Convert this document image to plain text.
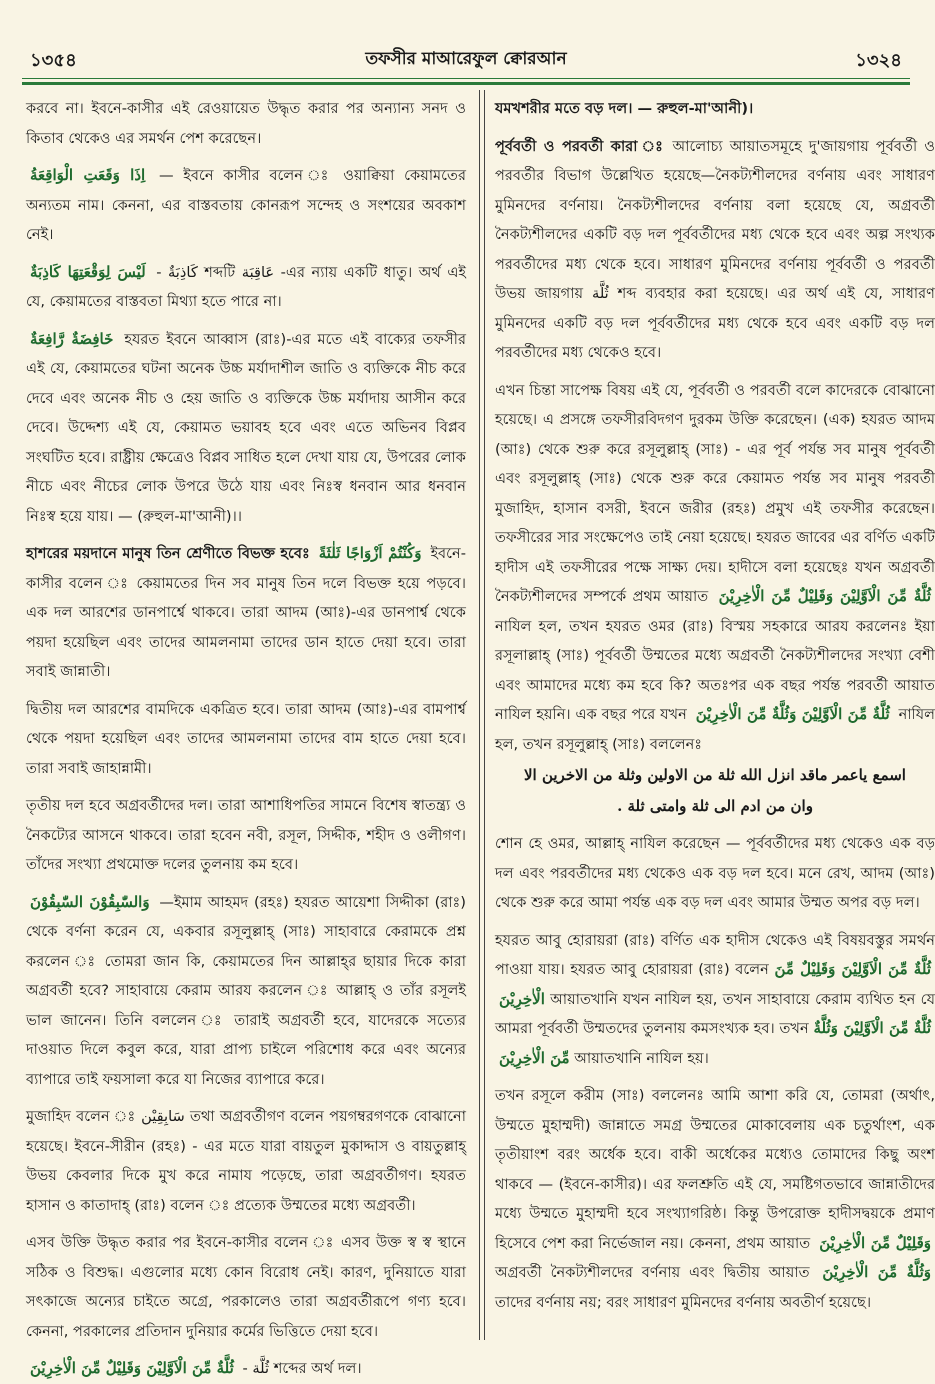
১৩৫৪	তফসীর মাআরেফুল ক্বোরআন	১৩২৪

করবে না। ইবনে-কাসীর এই রেওয়ায়েত উদ্ধৃত করার পর অন্যান্য সনদ ও কিতাব থেকেও এর সমর্থন পেশ করেছেন।

اِذَا وَقَعَتِ الْوَاقِعَةُ — ইবনে কাসীর বলেন ঃ ওয়াক্বিয়া কেয়ামতের অন্যতম নাম। কেননা, এর বাস্তবতায় কোনরূপ সন্দেহ ও সংশয়ের অবকাশ নেই।

لَيْسَ لِوَقْعَتِهَا كَاذِبَةٌ - كَاذِبَةٌ শব্দটি عَاقِبَة -এর ন্যায় একটি ধাতু। অর্থ এই যে, কেয়ামতের বাস্তবতা মিথ্যা হতে পারে না।

خَافِضَةٌ رَّافِعَةٌ হযরত ইবনে আব্বাস (রাঃ)-এর মতে এই বাক্যের তফসীর এই যে, কেয়ামতের ঘটনা অনেক উচ্চ মর্যাদাশীল জাতি ও ব্যক্তিকে নীচ করে দেবে এবং অনেক নীচ ও হেয় জাতি ও ব্যক্তিকে উচ্চ মর্যাদায় আসীন করে দেবে। উদ্দেশ্য এই যে, কেয়ামত ভয়াবহ হবে এবং এতে অভিনব বিপ্লব সংঘটিত হবে। রাষ্ট্রীয় ক্ষেত্রেও বিপ্লব সাধিত হলে দেখা যায় যে, উপরের লোক নীচে এবং নীচের লোক উপরে উঠে যায় এবং নিঃস্ব ধনবান আর ধনবান নিঃস্ব হয়ে যায়। — (রুহুল-মা'আনী)।।

হাশরের ময়দানে মানুষ তিন শ্রেণীতে বিভক্ত হবেঃ وَكُنْتُمْ اَزْوَاجًا ثَلٰثَةً ইবনে-কাসীর বলেন ঃ কেয়ামতের দিন সব মানুষ তিন দলে বিভক্ত হয়ে পড়বে। এক দল আরশের ডানপার্শ্বে থাকবে। তারা আদম (আঃ)-এর ডানপার্শ্ব থেকে পয়দা হয়েছিল এবং তাদের আমলনামা তাদের ডান হাতে দেয়া হবে। তারা সবাই জান্নাতী।

দ্বিতীয় দল আরশের বামদিকে একত্রিত হবে। তারা আদম (আঃ)-এর বামপার্শ্ব থেকে পয়দা হয়েছিল এবং তাদের আমলনামা তাদের বাম হাতে দেয়া হবে। তারা সবাই জাহান্নামী।

তৃতীয় দল হবে অগ্রবর্তীদের দল। তারা আশাধিপতির সামনে বিশেষ স্বাতন্ত্র্য ও নৈকট্যের আসনে থাকবে। তারা হবেন নবী, রসূল, সিদ্দীক, শহীদ ও ওলীগণ। তাঁদের সংখ্যা প্রথমোক্ত দলের তুলনায় কম হবে।

وَالسّٰبِقُوْنَ السّٰبِقُوْنَ —ইমাম আহমদ (রহঃ) হযরত আয়েশা সিদ্দীকা (রাঃ) থেকে বর্ণনা করেন যে, একবার রসূলুল্লাহ্ (সাঃ) সাহাবারে কেরামকে প্রশ্ন করলেন ঃ তোমরা জান কি, কেয়ামতের দিন আল্লাহ্‌র ছায়ার দিকে কারা অগ্রবর্তী হবে? সাহাবায়ে কেরাম আরয করলেন ঃ আল্লাহ্ ও তাঁর রসূলই ভাল জানেন। তিনি বললেন ঃ তারাই অগ্রবর্তী হবে, যাদেরকে সত্যের দাওয়াত দিলে কবুল করে, যারা প্রাপ্য চাইলে পরিশোধ করে এবং অন্যের ব্যাপারে তাই ফয়সালা করে যা নিজের ব্যাপারে করে।

মুজাহিদ বলেন ঃ سَابِقِيْن তথা অগ্রবর্তীগণ বলেন পয়গম্বরগণকে বোঝানো হয়েছে। ইবনে-সীরীন (রহঃ) - এর মতে যারা বায়তুল মুকাদ্দাস ও বায়তুল্লাহ্ উভয় কেবলার দিকে মুখ করে নামায পড়েছে, তারা অগ্রবর্তীগণ। হযরত হাসান ও কাতাদাহ্ (রাঃ) বলেন ঃ প্রত্যেক উম্মতের মধ্যে অগ্রবর্তী।

এসব উক্তি উদ্ধৃত করার পর ইবনে-কাসীর বলেন ঃ এসব উক্ত স্ব স্ব স্থানে সঠিক ও বিশুদ্ধ। এগুলোর মধ্যে কোন বিরোধ নেই। কারণ, দুনিয়াতে যারা সৎকাজে অন্যের চাইতে অগ্রে, পরকালেও তারা অগ্রবর্তীরূপে গণ্য হবে। কেননা, পরকালের প্রতিদান দুনিয়ার কর্মের ভিত্তিতে দেয়া হবে।

ثُلَّةٌ مِّنَ الْاَوَّلِيْنَ وَقَلِيْلٌ مِّنَ الْاٰخِرِيْنَ - ثُلَّة শব্দের অর্থ দল।

যমখশরীর মতে বড় দল। — রুহুল-মা'আনী)।

পূর্ববর্তী ও পরবর্তী কারা ঃ আলোচ্য আয়াতসমূহে দু'জায়গায় পূর্ববর্তী ও পরবর্তীর বিভাগ উল্লেখিত হয়েছে—নৈকট্যশীলদের বর্ণনায় এবং সাধারণ মুমিনদের বর্ণনায়। নৈকট্যশীলদের বর্ণনায় বলা হয়েছে যে, অগ্রবর্তী নৈকট্যশীলদের একটি বড় দল পূর্ববর্তীদের মধ্য থেকে হবে এবং অল্প সংখ্যক পরবর্তীদের মধ্য থেকে হবে। সাধারণ মুমিনদের বর্ণনায় পূর্ববর্তী ও পরবর্তী উভয় জায়গায় ثُلَّة শব্দ ব্যবহার করা হয়েছে। এর অর্থ এই যে, সাধারণ মুমিনদের একটি বড় দল পূর্ববর্তীদের মধ্য থেকে হবে এবং একটি বড় দল পরবর্তীদের মধ্য থেকেও হবে।

এখন চিন্তা সাপেক্ষ বিষয় এই যে, পূর্ববর্তী ও পরবর্তী বলে কাদেরকে বোঝানো হয়েছে। এ প্রসঙ্গে তফসীরবিদগণ দুরকম উক্তি করেছেন। (এক) হযরত আদম (আঃ) থেকে শুরু করে রসূলুল্লাহ্ (সাঃ) - এর পূর্ব পর্যন্ত সব মানুষ পূর্ববর্তী এবং রসূলুল্লাহ্ (সাঃ) থেকে শুরু করে কেয়ামত পর্যন্ত সব মানুষ পরবর্তী মুজাহিদ, হাসান বসরী, ইবনে জরীর (রহঃ) প্রমুখ এই তফসীর করেছেন। তফসীরের সার সংক্ষেপেও তাই নেয়া হয়েছে। হযরত জাবের এর বর্ণিত একটি হাদীস এই তফসীরের পক্ষে সাক্ষ্য দেয়। হাদীসে বলা হয়েছেঃ যখন অগ্রবর্তী নৈকট্যশীলদের সম্পর্কে প্রথম আয়াত ثُلَّةٌ مِّنَ الْاَوَّلِيْنَ وَقَلِيْلٌ مِّنَ الْاٰخِرِيْنَ নাযিল হল, তখন হযরত ওমর (রাঃ) বিস্ময় সহকারে আরয করলেনঃ ইয়া রসূলাল্লাহ্ (সাঃ) পূর্ববর্তী উম্মতের মধ্যে অগ্রবর্তী নৈকট্যশীলদের সংখ্যা বেশী এবং আমাদের মধ্যে কম হবে কি? অতঃপর এক বছর পর্যন্ত পরবর্তী আয়াত নাযিল হয়নি। এক বছর পরে যখন ثُلَّةٌ مِّنَ الْاَوَّلِيْنَ وَثُلَّةٌ مِّنَ الْاٰخِرِيْنَ নাযিল হল, তখন রসূলুল্লাহ্ (সাঃ) বললেনঃ

اسمع ياعمر ماقد انزل الله ثلة من الاولين وثلة من الاخرين الا

وان من ادم الى ثلة وامتى ثلة .

শোন হে ওমর, আল্লাহ্ নাযিল করেছেন — পূর্ববর্তীদের মধ্য থেকেও এক বড় দল এবং পরবর্তীদের মধ্য থেকেও এক বড় দল হবে। মনে রেখ, আদম (আঃ) থেকে শুরু করে আমা পর্যন্ত এক বড় দল এবং আমার উম্মত অপর বড় দল।

হযরত আবু হোরায়রা (রাঃ) বর্ণিত এক হাদীস থেকেও এই বিষয়বস্তুর সমর্থন পাওয়া যায়। হযরত আবু হোরায়রা (রাঃ) বলেন ثُلَّةٌ مِّنَ الْاَوَّلِيْنَ وَقَلِيْلٌ مِّنَ الْاٰخِرِيْنَ আয়াতখানি যখন নাযিল হয়, তখন সাহাবায়ে কেরাম ব্যথিত হন যে আমরা পূর্ববর্তী উম্মতদের তুলনায় কমসংখ্যক হব। তখন ثُلَّةٌ مِّنَ الْاَوَّلِيْنَ وَثُلَّةٌ مِّنَ الْاٰخِرِيْنَ আয়াতখানি নাযিল হয়।

তখন রসূলে করীম (সাঃ) বললেনঃ আমি আশা করি যে, তোমরা (অর্থাৎ, উম্মতে মুহাম্মদী) জান্নাতে সমগ্র উম্মতের মোকাবেলায় এক চতুর্থাংশ, এক তৃতীয়াংশ বরং অর্ধেক হবে। বাকী অর্ধেকের মধ্যেও তোমাদের কিছু অংশ থাকবে — (ইবনে-কাসীর)। এর ফলশ্রুতি এই যে, সমষ্টিগতভাবে জান্নাতীদের মধ্যে উম্মতে মুহাম্মদী হবে সংখ্যাগরিষ্ঠ। কিন্তু উপরোক্ত হাদীসদ্বয়কে প্রমাণ হিসেবে পেশ করা নির্ভেজাল নয়। কেননা, প্রথম আয়াত وَقَلِيْلٌ مِّنَ الْاٰخِرِيْنَ অগ্রবর্তী নৈকট্যশীলদের বর্ণনায় এবং দ্বিতীয় আয়াত وَثُلَّةٌ مِّنَ الْاٰخِرِيْنَ তাদের বর্ণনায় নয়; বরং সাধারণ মুমিনদের বর্ণনায় অবতীর্ণ হয়েছে।
